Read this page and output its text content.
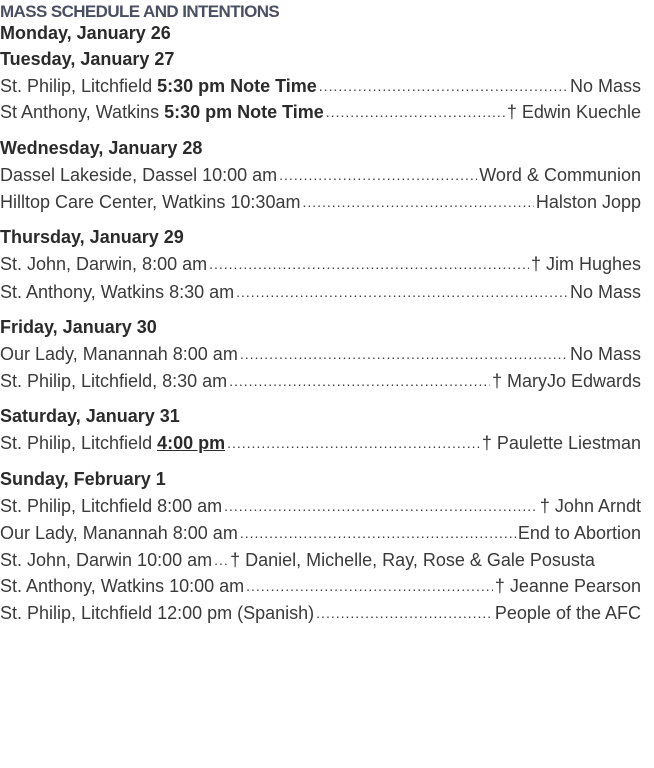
MASS SCHEDULE AND INTENTIONS
Monday, January 26
Tuesday, January 27
St. Philip, Litchfield 5:30 pm Note Time .....	No Mass
St Anthony, Watkins 5:30 pm Note Time .....	† Edwin Kuechle
Wednesday, January 28
Dassel Lakeside, Dassel 10:00 am .....	Word & Communion
Hilltop Care Center, Watkins 10:30am .....	Halston Jopp
Thursday, January 29
St. John, Darwin, 8:00 am .....	† Jim Hughes
St. Anthony, Watkins 8:30 am .....	No Mass
Friday, January 30
Our Lady, Manannah 8:00 am .....	No Mass
St. Philip, Litchfield, 8:30 am .....	† MaryJo Edwards
Saturday, January 31
St. Philip, Litchfield 4:00 pm .....	† Paulette Liestman
Sunday, February 1
St. Philip, Litchfield 8:00 am .....	† John Arndt
Our Lady, Manannah 8:00 am .....	End to Abortion
St. John, Darwin 10:00 am ..... † Daniel, Michelle, Ray, Rose & Gale Posusta
St. Anthony, Watkins 10:00 am .....	† Jeanne Pearson
St. Philip, Litchfield 12:00 pm (Spanish) .....	People of the AFC
